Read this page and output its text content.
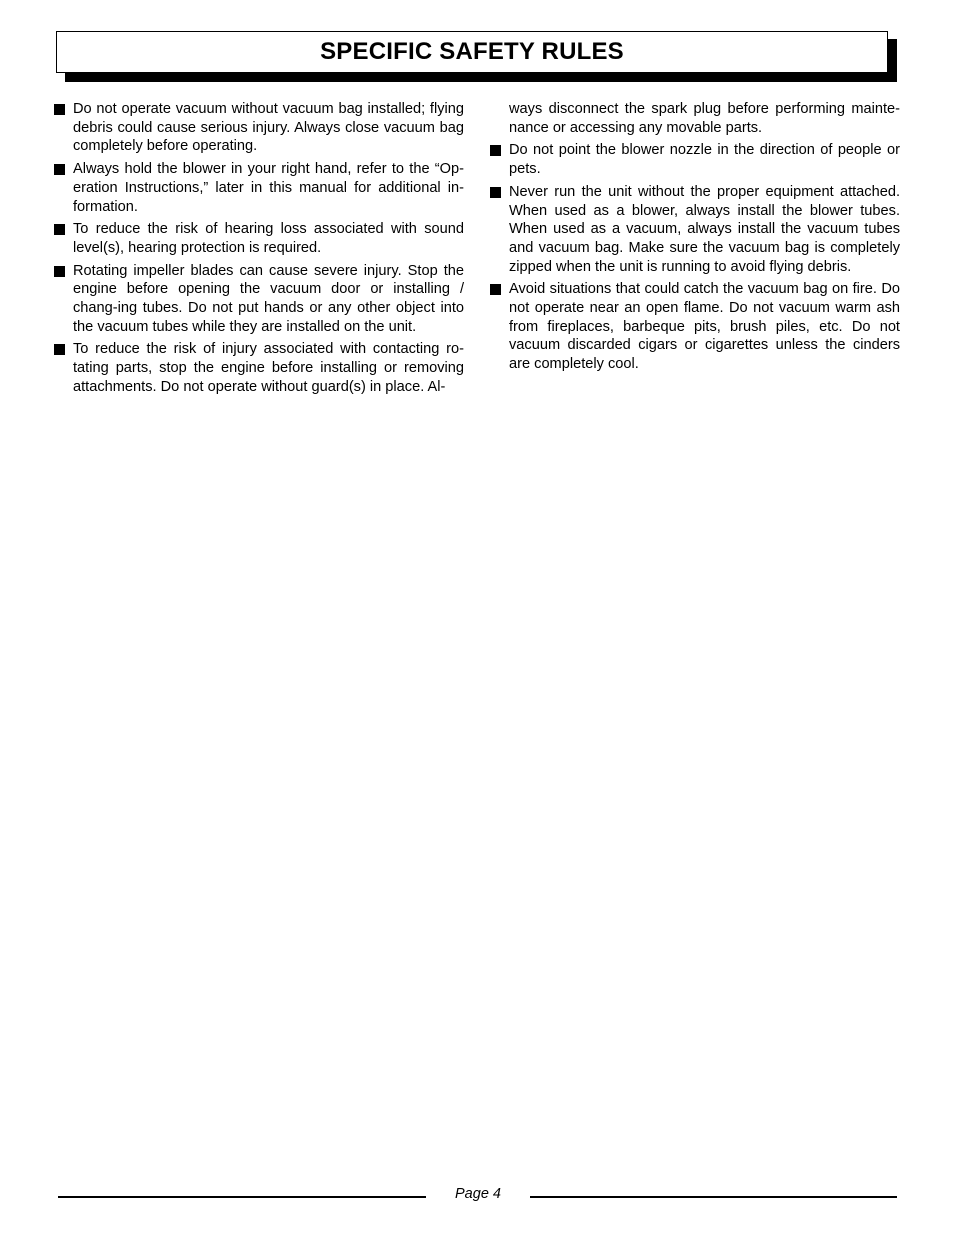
SPECIFIC SAFETY RULES
Do not operate vacuum without vacuum bag installed; flying debris could cause serious injury. Always close vacuum bag completely before operating.
Always hold the blower in your right hand, refer to the “Op-eration Instructions,” later in this manual for additional in-formation.
To reduce the risk of hearing loss associated with sound level(s), hearing protection is required.
Rotating impeller blades can cause severe injury. Stop the engine before opening the vacuum door or installing / chang-ing tubes. Do not put hands or any other object into the vacuum tubes while they are installed on the unit.
To reduce the risk of injury associated with contacting ro-tating parts, stop the engine before installing or removing attachments. Do not operate without guard(s) in place. Al-
ways disconnect the spark plug before performing mainte-nance or accessing any movable parts.
Do not point the blower nozzle in the direction of people or pets.
Never run the unit without the proper equipment attached. When used as a blower, always install the blower tubes. When used as a vacuum, always install the vacuum tubes and vacuum bag. Make sure the vacuum bag is completely zipped when the unit is running to avoid flying debris.
Avoid situations that could catch the vacuum bag on fire. Do not operate near an open flame. Do not vacuum warm ash from fireplaces, barbeque pits, brush piles, etc. Do not vacuum discarded cigars or cigarettes unless the cinders are completely cool.
Page 4
